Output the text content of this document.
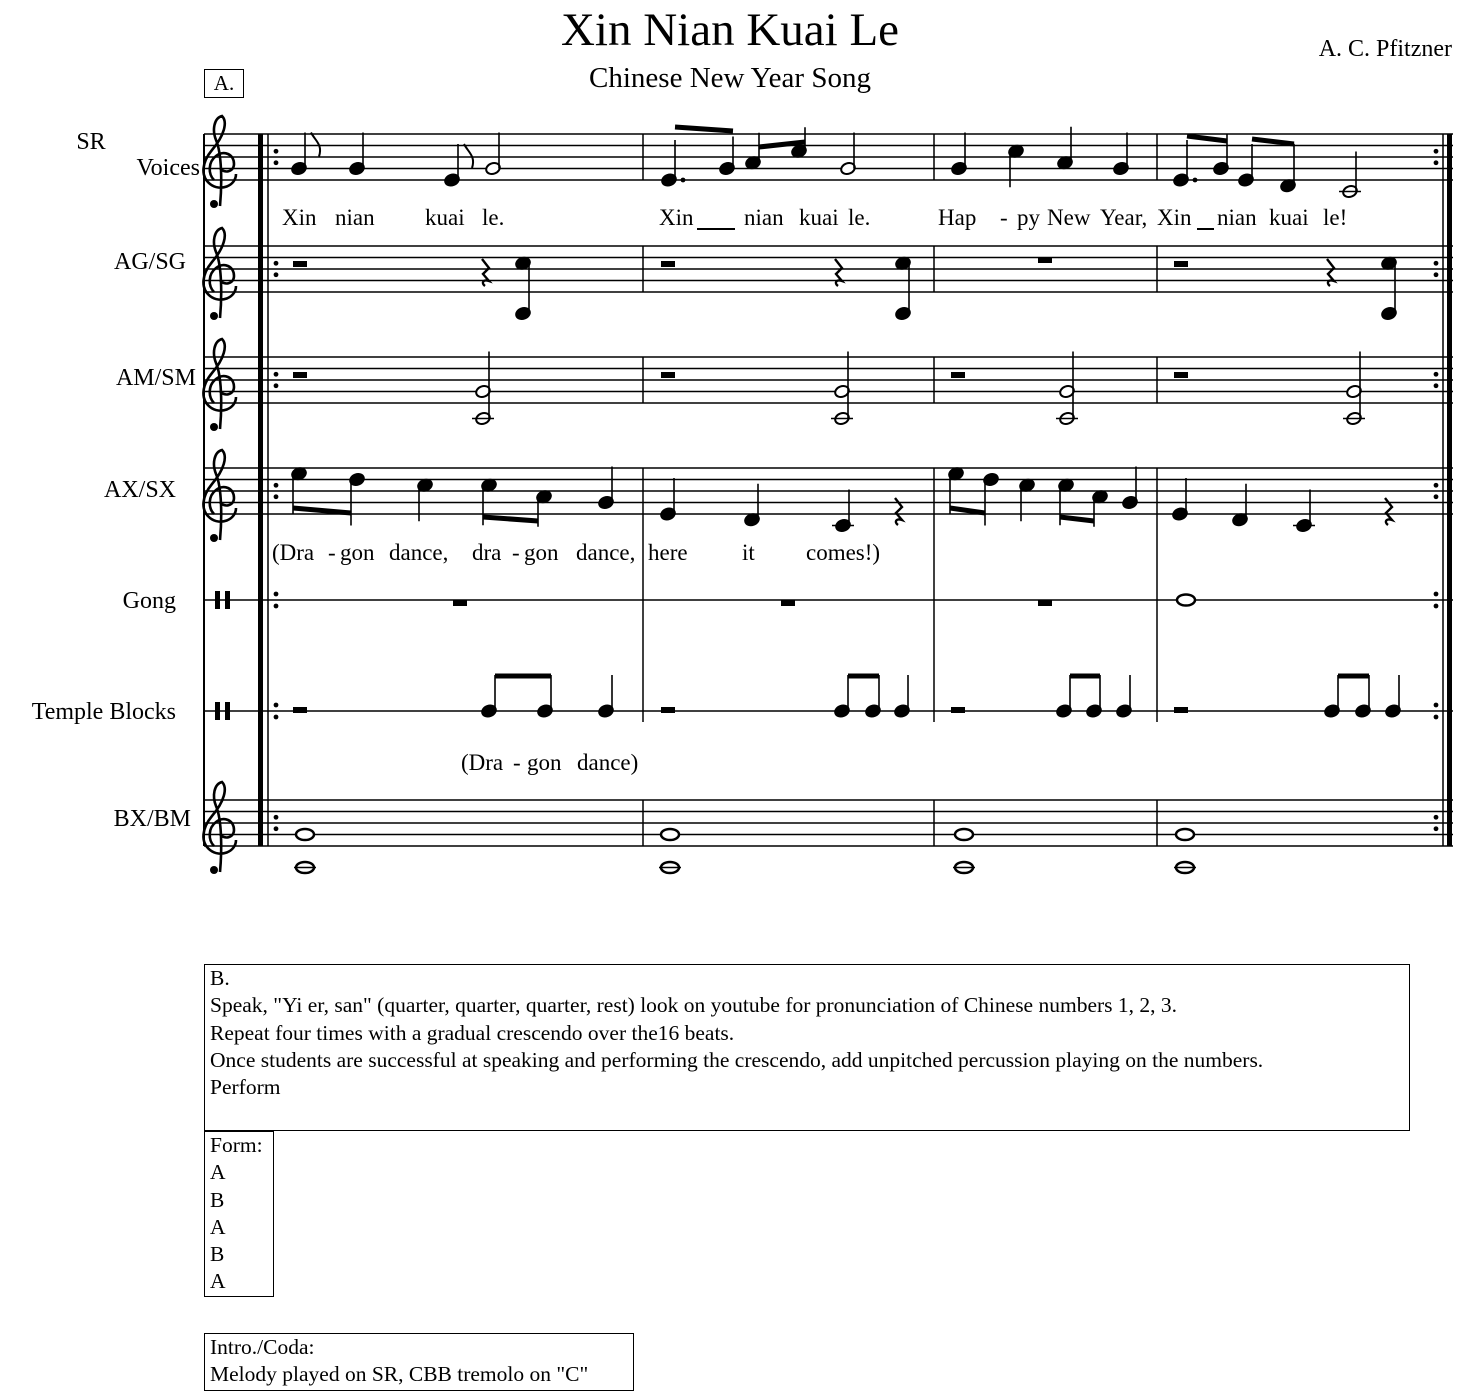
Xin Nian Kuai Le
Chinese New Year Song
A. C. Pfitzner
A.
SR
Voices
AG/SG
AM/SM
AX/SX
Gong
Temple Blocks
BX/BM
Xin nian kuai le.	Xin nian kuai le.	Hap - py New Year, Xin nian kuai le!
(Dra - gon dance, dra - gon dance, here it comes!)
(Dra - gon dance)
B.
Speak, "Yi er, san" (quarter, quarter, quarter, rest) look on youtube for pronunciation of Chinese numbers 1, 2, 3.
Repeat four times with a gradual crescendo over the16 beats.
Once students are successful at speaking and performing the crescendo, add unpitched percussion playing on the numbers.
Perform
Form:
A
B
A
B
A
Intro./Coda:
Melody played on SR, CBB tremolo on "C"
